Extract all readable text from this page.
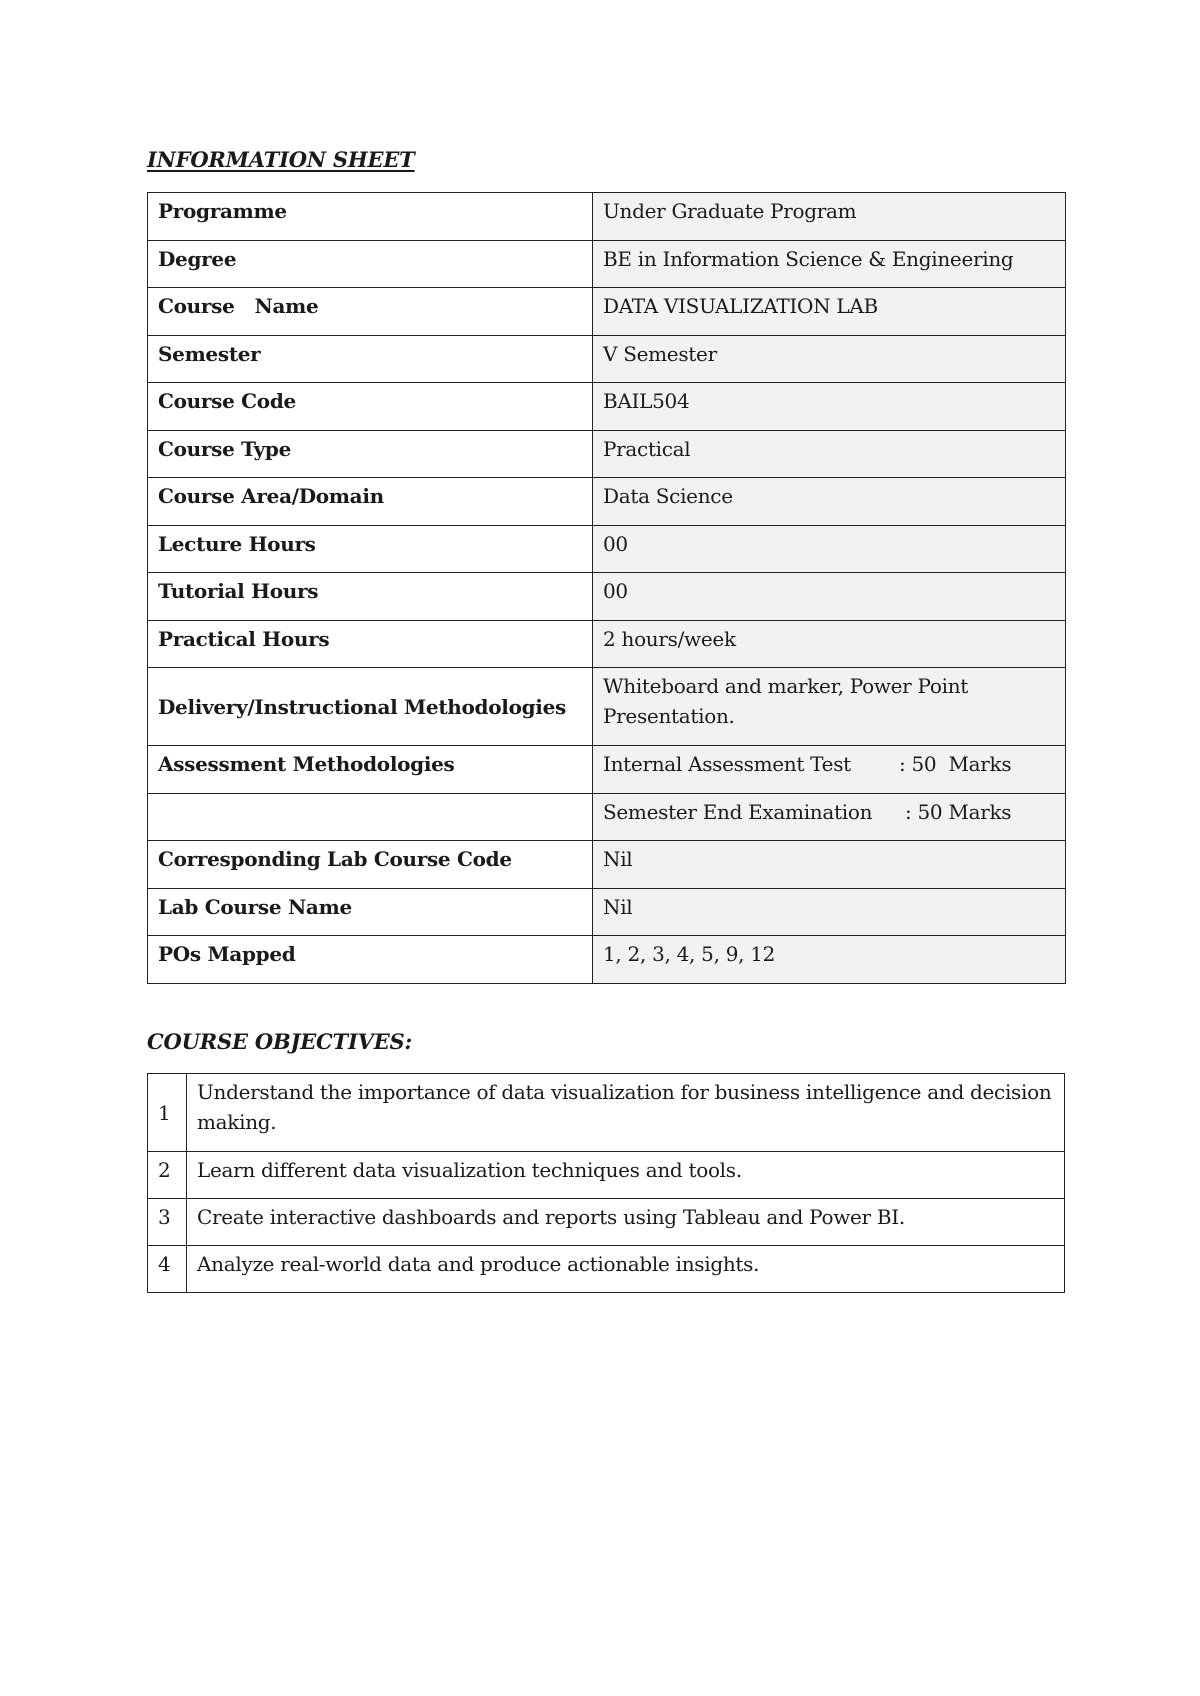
INFORMATION SHEET
Programme	Under Graduate Program
Degree	BE in Information Science & Engineering
Course   Name	DATA VISUALIZATION LAB
Semester	V Semester
Course Code	BAIL504
Course Type	Practical
Course Area/Domain	Data Science
Lecture Hours	00
Tutorial Hours	00
Practical Hours	2 hours/week
Delivery/Instructional Methodologies	Whiteboard and marker, Power Point Presentation.
Assessment Methodologies	Internal Assessment Test : 50  Marks
	Semester End Examination : 50 Marks
Corresponding Lab Course Code	Nil
Lab Course Name	Nil
POs Mapped	1, 2, 3, 4, 5, 9, 12
COURSE OBJECTIVES:
1	Understand the importance of data visualization for business intelligence and decision making.
2	Learn different data visualization techniques and tools.
3	Create interactive dashboards and reports using Tableau and Power BI.
4	Analyze real-world data and produce actionable insights.
